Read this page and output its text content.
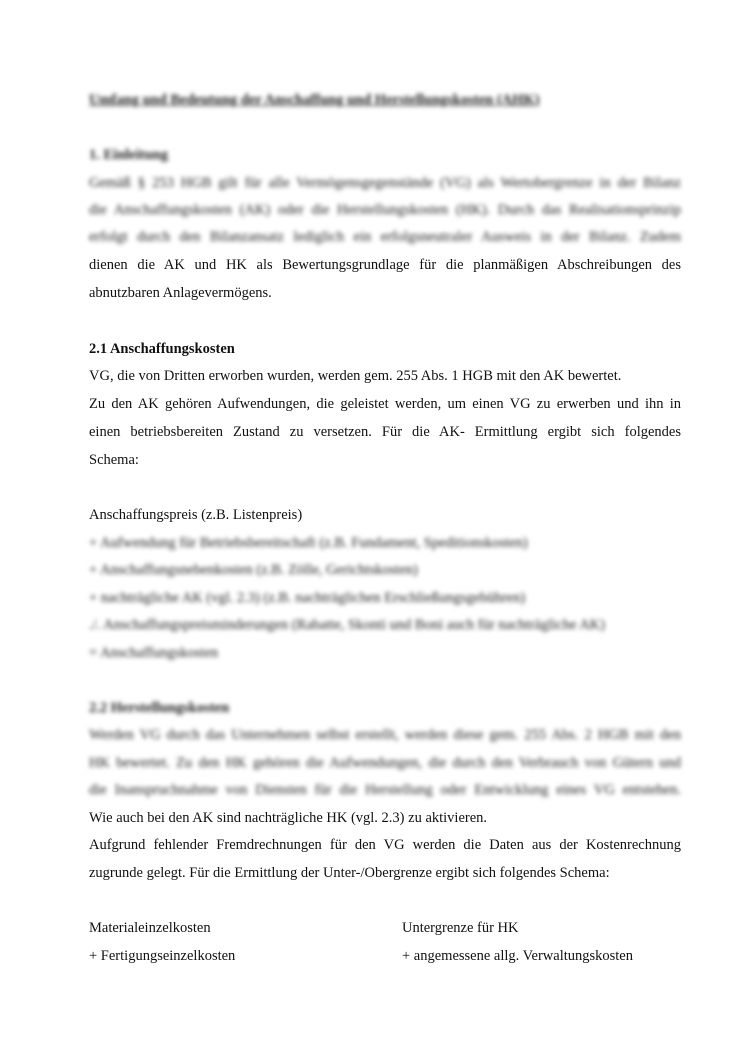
Umfang und Bedeutung der Anschaffung und Herstellungskosten (AHK)
1. Einleitung
Gemäß § 253 HGB gilt für alle Vermögensgegenstände (VG) als Wertobergrenze in der Bilanz
die Anschaffungskosten (AK) oder die Herstellungskosten (HK). Durch das Realisationsprinzip
erfolgt durch den Bilanzansatz lediglich ein erfolgsneutraler Ausweis in der Bilanz. Zudem
dienen die AK und HK als Bewertungsgrundlage für die planmäßigen Abschreibungen des
abnutzbaren Anlagevermögens.
2.1 Anschaffungskosten
VG, die von Dritten erworben wurden, werden gem. 255 Abs. 1 HGB mit den AK bewertet.
Zu den AK gehören Aufwendungen, die geleistet werden, um einen VG zu erwerben und ihn in
einen betriebsbereiten Zustand zu versetzen. Für die AK- Ermittlung ergibt sich folgendes
Schema:
Anschaffungspreis (z.B. Listenpreis)
+ Aufwendung für Betriebsbereitschaft (z.B. Fundament, Speditionskosten)
+ Anschaffungsnebenkosten (z.B. Zölle, Gerichtskosten)
+ nachträgliche AK (vgl. 2.3) (z.B. nachträglichen Erschließungsgebühren)
./. Anschaffungspreisminderungen (Rabatte, Skonti und Boni auch für nachträgliche AK)
= Anschaffungskosten
2.2 Herstellungskosten
Werden VG durch das Unternehmen selbst erstellt, werden diese gem. 255 Abs. 2 HGB mit den
HK bewertet. Zu den HK gehören die Aufwendungen, die durch den Verbrauch von Gütern und
die Inanspruchnahme von Diensten für die Herstellung oder Entwicklung eines VG entstehen.
Wie auch bei den AK sind nachträgliche HK (vgl. 2.3) zu aktivieren.
Aufgrund fehlender Fremdrechnungen für den VG werden die Daten aus der Kostenrechnung
zugrunde gelegt. Für die Ermittlung der Unter-/Obergrenze ergibt sich folgendes Schema:
Materialeinzelkosten
+ Fertigungseinzelkosten
Untergrenze für HK
+ angemessene allg. Verwaltungskosten
